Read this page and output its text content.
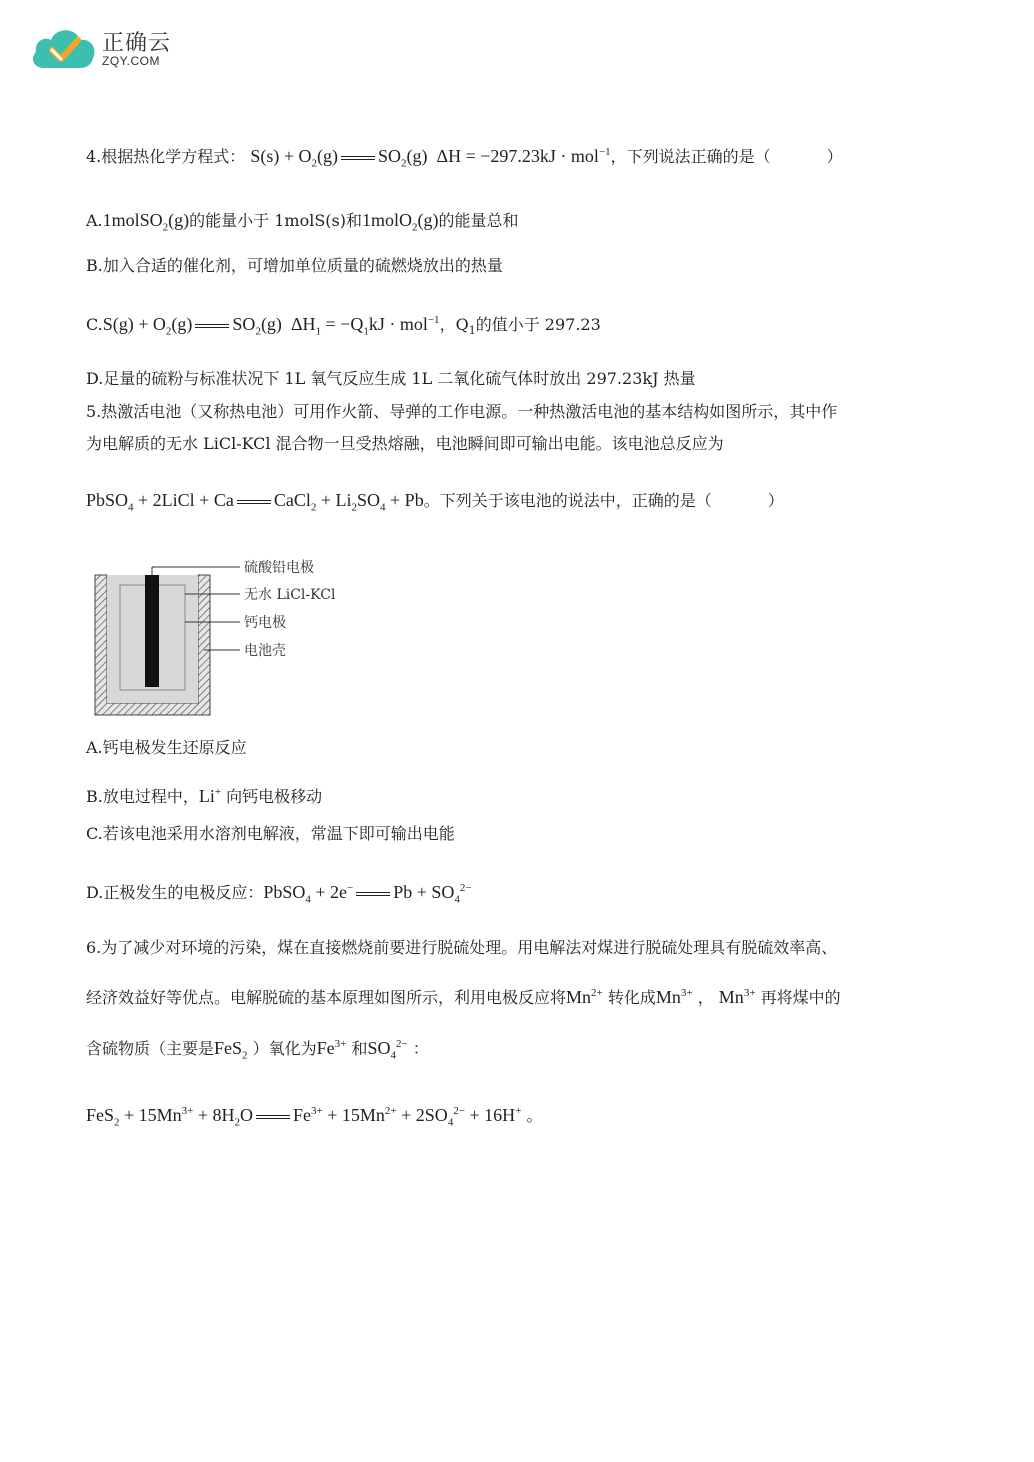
正确云
ZQY.COM
4.根据热化学方程式： $S(s) + O_2(g)$ $SO_2(g) \Delta H = -297.23kJ \cdot mol^{-1}$，下列说法正确的是（	）
A.1molSO$_2$(g)的能量小于 1molS(s)和1molO$_2$(g)的能量总和
B.加入合适的催化剂，可增加单位质量的硫燃烧放出的热量
$C.S(g) + O_2(g)$ $SO_2(g) \Delta H_1 = -Q_1kJ \cdot mol^{-1}$，$Q_1$的值小于 297.23
D.足量的硫粉与标准状况下 1L 氧气反应生成 1L 二氧化硫气体时放出 297.23kJ 热量
5.热激活电池（又称热电池）可用作火箭、导弹的工作电源。一种热激活电池的基本结构如图所示，其中作
为电解质的无水 LiCl-KCl 混合物一旦受热熔融，电池瞬间即可输出电能。该电池总反应为
PbSO$_4$ + 2LiCl + Ca CaCl$_2$ + $Li_2SO_4 + Pb$。下列关于该电池的说法中，正确的是（	）
硫酸铅电极
无水 LiCl-KCl
钙电极
电池壳
A.钙电极发生还原反应
B.放电过程中，Li+ 向钙电极移动
C.若该电池采用水溶剂电解液，常温下即可输出电能
D.正极发生的电极反应：PbSO$_4$ + 2e− $Pb + SO_4^{2-}$
6.为了减少对环境的污染，煤在直接燃烧前要进行脱硫处理。用电解法对煤进行脱硫处理具有脱硫效率高、
经济效益好等优点。电解脱硫的基本原理如图所示，利用电极反应将$Mn^{2+}$ 转化成$Mn^{3+}$ ， $Mn^{3+}$ 再将煤中的
含硫物质（主要是FeS$_2$ ）氧化为$Fe^{3+}$ 和$SO_4^{2-}$ ：
$FeS_2 + 15Mn^{3+} + 8H_2O$ $Fe^{3+} + 15Mn^{2+} + 2SO_4^{2-} + 16H^+$ 。
